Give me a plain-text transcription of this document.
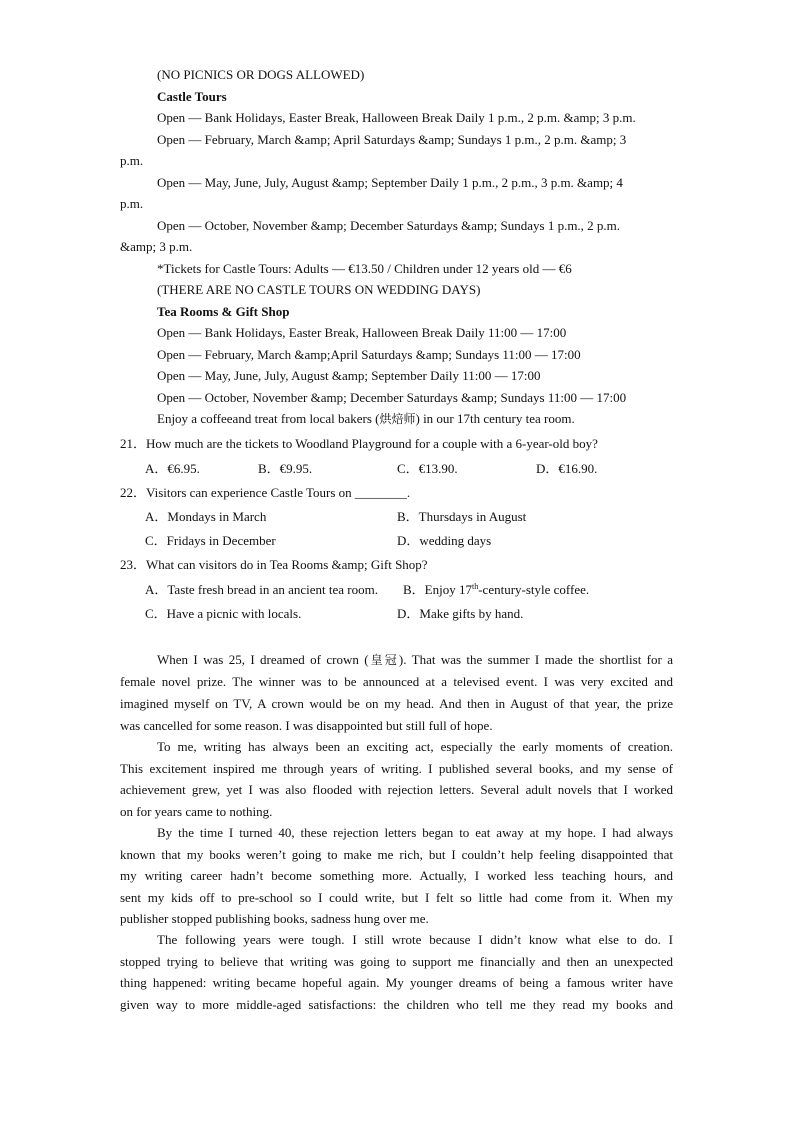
(NO PICNICS OR DOGS ALLOWED)
Castle Tours
Open — Bank Holidays, Easter Break, Halloween Break Daily 1 p.m., 2 p.m. &amp; 3 p.m.
Open — February, March &amp; April Saturdays &amp; Sundays 1 p.m., 2 p.m. &amp; 3
p.m.
Open — May, June, July, August &amp; September Daily 1 p.m., 2 p.m., 3 p.m. &amp; 4
p.m.
Open — October, November &amp; December Saturdays &amp; Sundays 1 p.m., 2 p.m.
&amp; 3 p.m.
*Tickets for Castle Tours: Adults — €13.50 / Children under 12 years old — €6
(THERE ARE NO CASTLE TOURS ON WEDDING DAYS)
Tea Rooms & Gift Shop
Open — Bank Holidays, Easter Break, Halloween Break Daily 11:00 — 17:00
Open — February, March &amp;April Saturdays &amp; Sundays 11:00 — 17:00
Open — May, June, July, August &amp; September Daily 11:00 — 17:00
Open — October, November &amp; December Saturdays &amp; Sundays 11:00 — 17:00
Enjoy a coffeeand treat from local bakers (烘焙师) in our 17th century tea room.
21．How much are the tickets to Woodland Playground for a couple with a 6-year-old boy?
A．€6.95.	B．€9.95.	C．€13.90.	D．€16.90.
22．Visitors can experience Castle Tours on ________.
A．Mondays in March	B．Thursdays in August
C．Fridays in December	D．wedding days
23．What can visitors do in Tea Rooms &amp; Gift Shop?
A．Taste fresh bread in an ancient tea room. B．Enjoy 17th-century-style coffee.
C．Have a picnic with locals.	D．Make gifts by hand.
When I was 25, I dreamed of crown (皇冠). That was the summer I made the shortlist for a
female novel prize. The winner was to be announced at a televised event. I was very excited and
imagined myself on TV, A crown would be on my head. And then in August of that year, the prize
was cancelled for some reason. I was disappointed but still full of hope.
To me, writing has always been an exciting act, especially the early moments of creation.
This excitement inspired me through years of writing. I published several books, and my sense of
achievement grew, yet I was also flooded with rejection letters. Several adult novels that I worked
on for years came to nothing.
By the time I turned 40, these rejection letters began to eat away at my hope. I had always
known that my books weren’t going to make me rich, but I couldn’t help feeling disappointed that
my writing career hadn’t become something more. Actually, I worked less teaching hours, and
sent my kids off to pre-school so I could write, but I felt so little had come from it. When my
publisher stopped publishing books, sadness hung over me.
The following years were tough. I still wrote because I didn’t know what else to do. I
stopped trying to believe that writing was going to support me financially and then an unexpected
thing happened: writing became hopeful again. My younger dreams of being a famous writer have
given way to more middle-aged satisfactions: the children who tell me they read my books and
